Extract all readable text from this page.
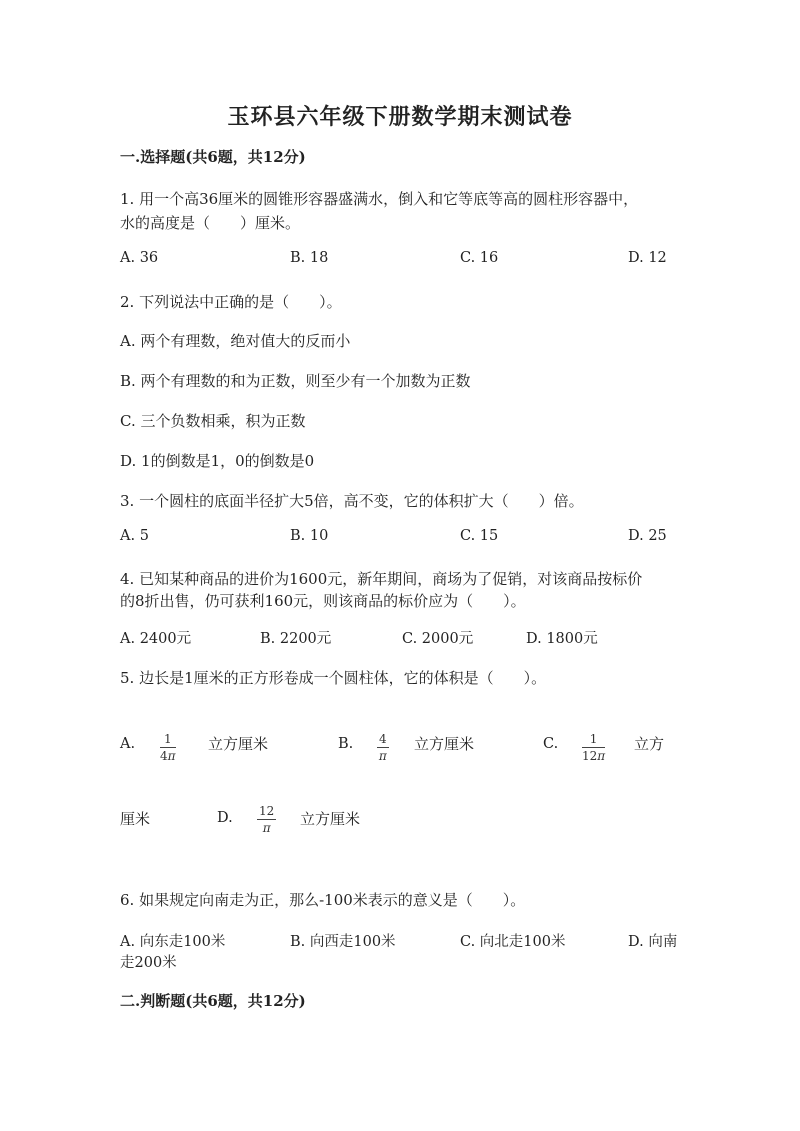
玉环县六年级下册数学期末测试卷
一.选择题(共6题，共12分)
1. 用一个高36厘米的圆锥形容器盛满水，倒入和它等底等高的圆柱形容器中，
水的高度是（　　）厘米。
A. 36	B. 18	C. 16	D. 12
2. 下列说法中正确的是（　　）。
A. 两个有理数，绝对值大的反而小
B. 两个有理数的和为正数，则至少有一个加数为正数
C. 三个负数相乘，积为正数
D. 1的倒数是1，0的倒数是0
3. 一个圆柱的底面半径扩大5倍，高不变，它的体积扩大（　　）倍。
A. 5	B. 10	C. 15	D. 25
4. 已知某种商品的进价为1600元，新年期间，商场为了促销，对该商品按标价
的8折出售，仍可获利160元，则该商品的标价应为（　　）。
A. 2400元	B. 2200元	C. 2000元	D. 1800元
5. 边长是1厘米的正方形卷成一个圆柱体，它的体积是（　　）。
A. 1
4π
立方厘米	B. 4
π
立方厘米	C.	1
12π
立方
厘米	D. 12
π 立方厘米
6. 如果规定向南走为正，那么-100米表示的意义是（　　）。
A. 向东走100米	B. 向西走100米	C. 向北走100米	D. 向南
走200米
二.判断题(共6题，共12分)
